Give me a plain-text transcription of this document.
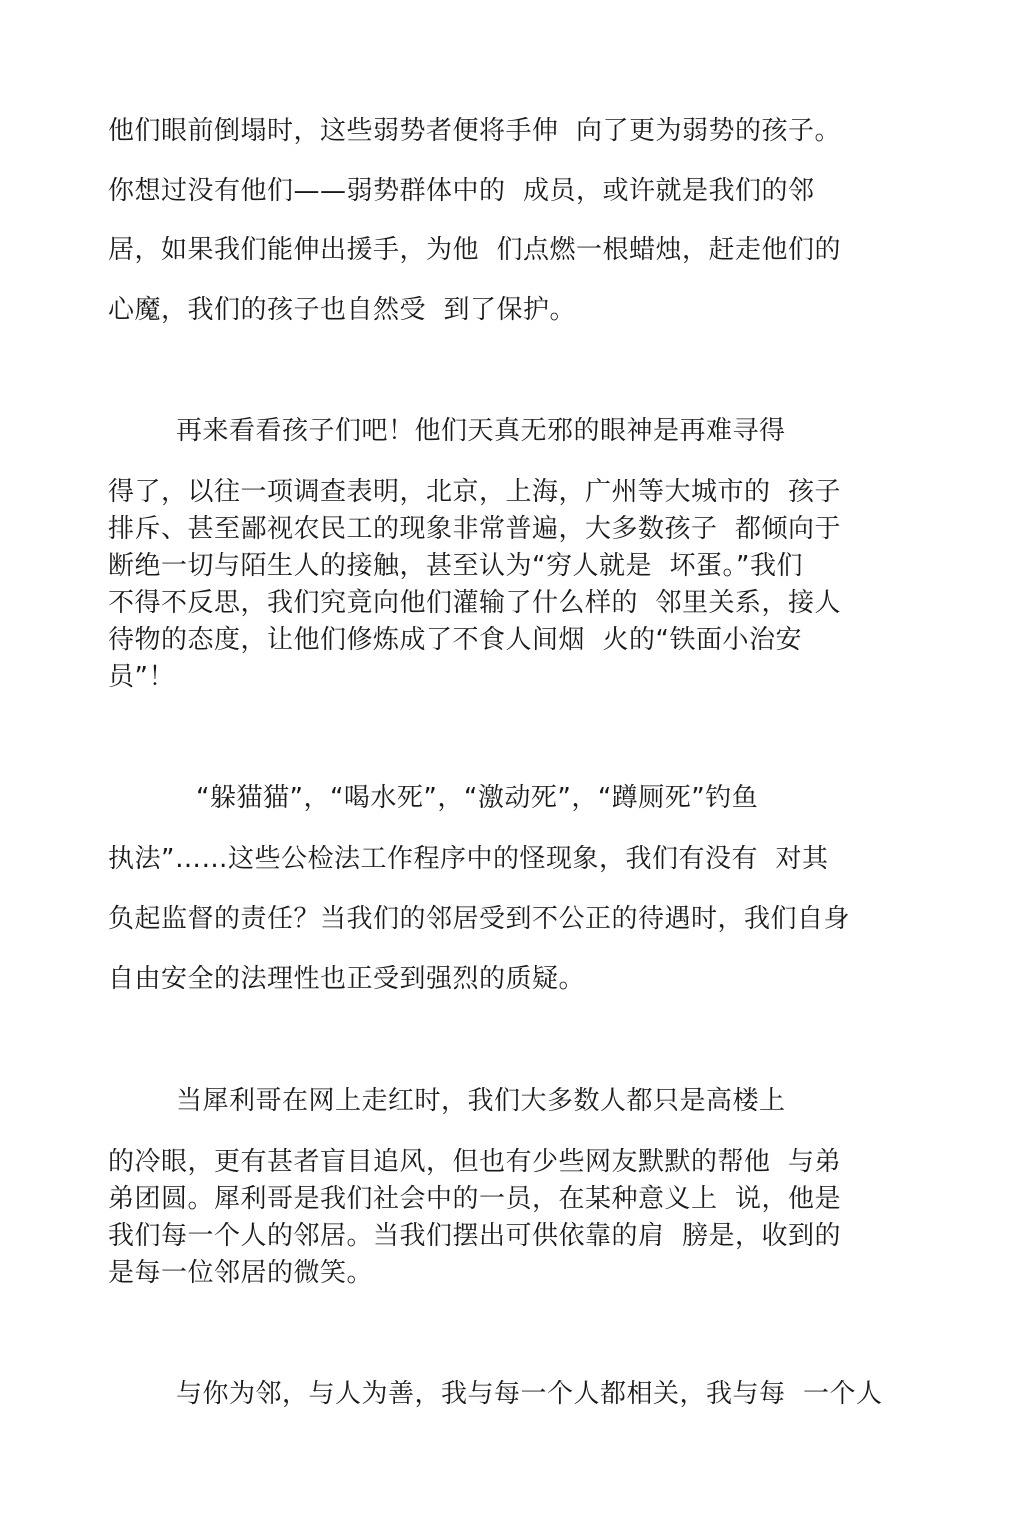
他们眼前倒塌时，这些弱势者便将手伸  向了更为弱势的孩子。
你想过没有他们——弱势群体中的  成员，或许就是我们的邻
居，如果我们能伸出援手，为他  们点燃一根蜡烛，赶走他们的
心魔，我们的孩子也自然受  到了保护。
再来看看孩子们吧！他们天真无邪的眼神是再难寻得
得了，以往一项调查表明，北京，上海，广州等大城市的  孩子
排斥、甚至鄙视农民工的现象非常普遍，大多数孩子  都倾向于
断绝一切与陌生人的接触，甚至认为“穷人就是  坏蛋。”我们
不得不反思，我们究竟向他们灌输了什么样的  邻里关系，接人
待物的态度，让他们修炼成了不食人间烟  火的“铁面小治安
员”！
“躲猫猫”，“喝水死”，“激动死”，“蹲厕死”钓鱼
执法”……这些公检法工作程序中的怪现象，我们有没有  对其
负起监督的责任？当我们的邻居受到不公正的待遇时，我们自身
自由安全的法理性也正受到强烈的质疑。
当犀利哥在网上走红时，我们大多数人都只是高楼上
的冷眼，更有甚者盲目追风，但也有少些网友默默的帮他  与弟
弟团圆。犀利哥是我们社会中的一员，在某种意义上  说，他是
我们每一个人的邻居。当我们摆出可供依靠的肩  膀是，收到的
是每一位邻居的微笑。
与你为邻，与人为善，我与每一个人都相关，我与每  一个人
